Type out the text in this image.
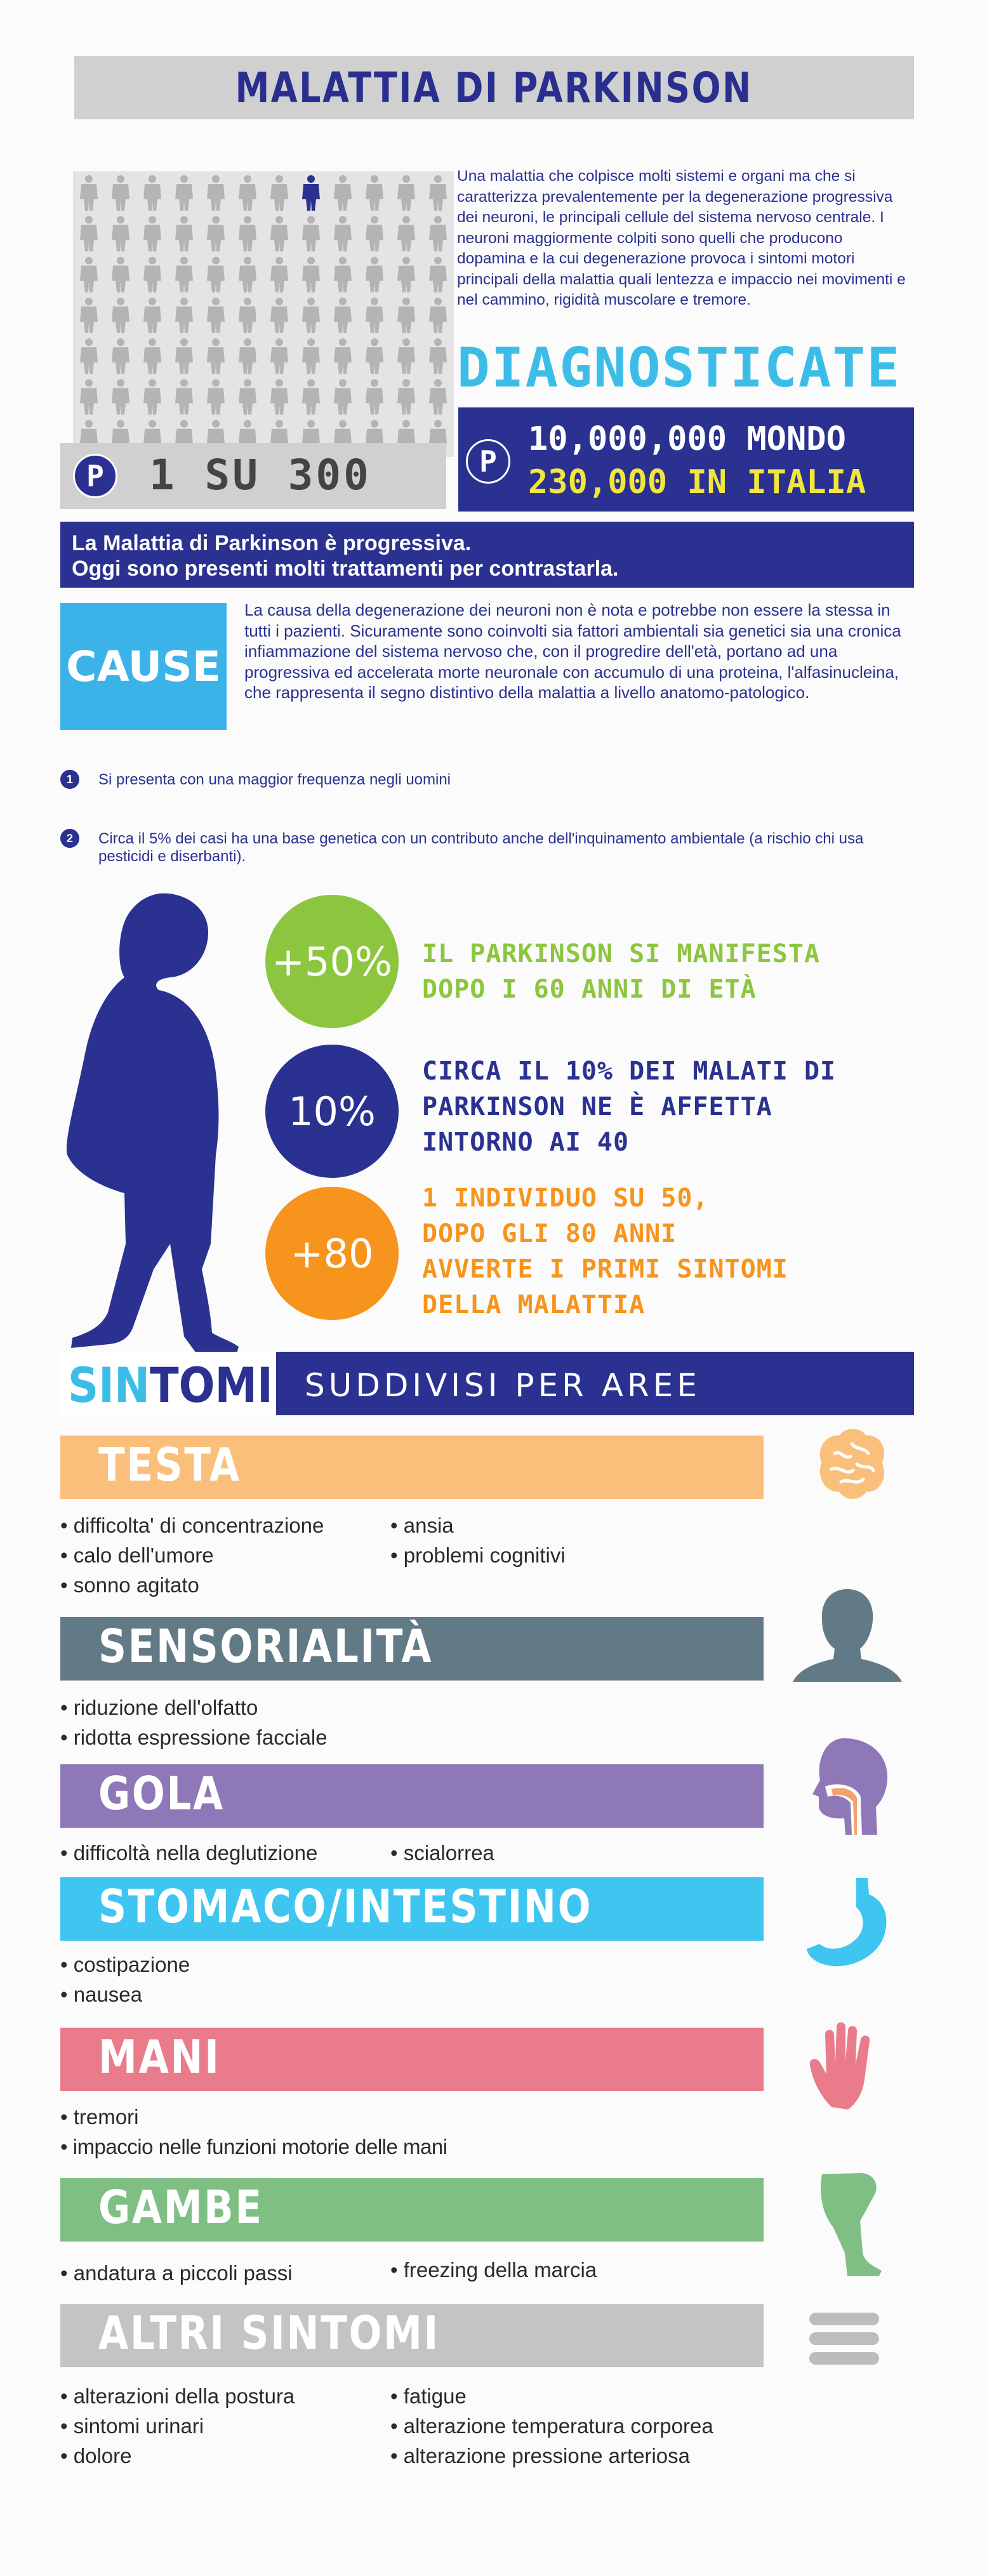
MALATTIA DI PARKINSON
Una malattia che colpisce molti sistemi e organi ma che si caratterizza prevalentemente per la degenerazione progressiva dei neuroni, le principali cellule del sistema nervoso centrale. I neuroni maggiormente colpiti sono quelli che producono dopamina e la cui degenerazione provoca i sintomi motori principali della malattia quali lentezza e impaccio nei movimenti e nel cammino, rigidità muscolare e tremore.
DIAGNOSTICATE
P	1 SU 300	P
10,000,000 MONDO
230,000 IN ITALIA
La Malattia di Parkinson è progressiva.
Oggi sono presenti molti trattamenti per contrastarla.
CAUSE
La causa della degenerazione dei neuroni non è nota e potrebbe non essere la stessa in tutti i pazienti. Sicuramente sono coinvolti sia fattori ambientali sia genetici sia una cronica infiammazione del sistema nervoso che, con il progredire dell'età, portano ad una progressiva ed accelerata morte neuronale con accumulo di una proteina, l'alfasinucleina, che rappresenta il segno distintivo della malattia a livello anatomo-patologico.
1	Si presenta con una maggior frequenza negli uomini
2	Circa il 5% dei casi ha una base genetica con un contributo anche dell'inquinamento ambientale (a rischio chi usa pesticidi e diserbanti).
+50% IL PARKINSON SI MANIFESTA
DOPO I 60 ANNI DI ETÀ
10%
CIRCA IL 10% DEI MALATI DI
PARKINSON NE È AFFETTA
INTORNO AI 40
+80
1 INDIVIDUO SU 50,
DOPO GLI 80 ANNI
AVVERTE I PRIMI SINTOMI
DELLA MALATTIA
SINTOMI SUDDIVISI PER AREE
TESTA
• difficolta' di concentrazione
• calo dell'umore
• sonno agitato
• ansia
• problemi cognitivi
SENSORIALITÀ
• riduzione dell'olfatto
• ridotta espressione facciale
GOLA
• difficoltà nella deglutizione	• scialorrea
STOMACO/INTESTINO
• costipazione
• nausea
MANI
• tremori
• impaccio nelle funzioni motorie delle mani
GAMBE
• andatura a piccoli passi	• freezing della marcia
ALTRI SINTOMI
• alterazioni della postura
• sintomi urinari
• dolore
• fatigue
• alterazione temperatura corporea
• alterazione pressione arteriosa
